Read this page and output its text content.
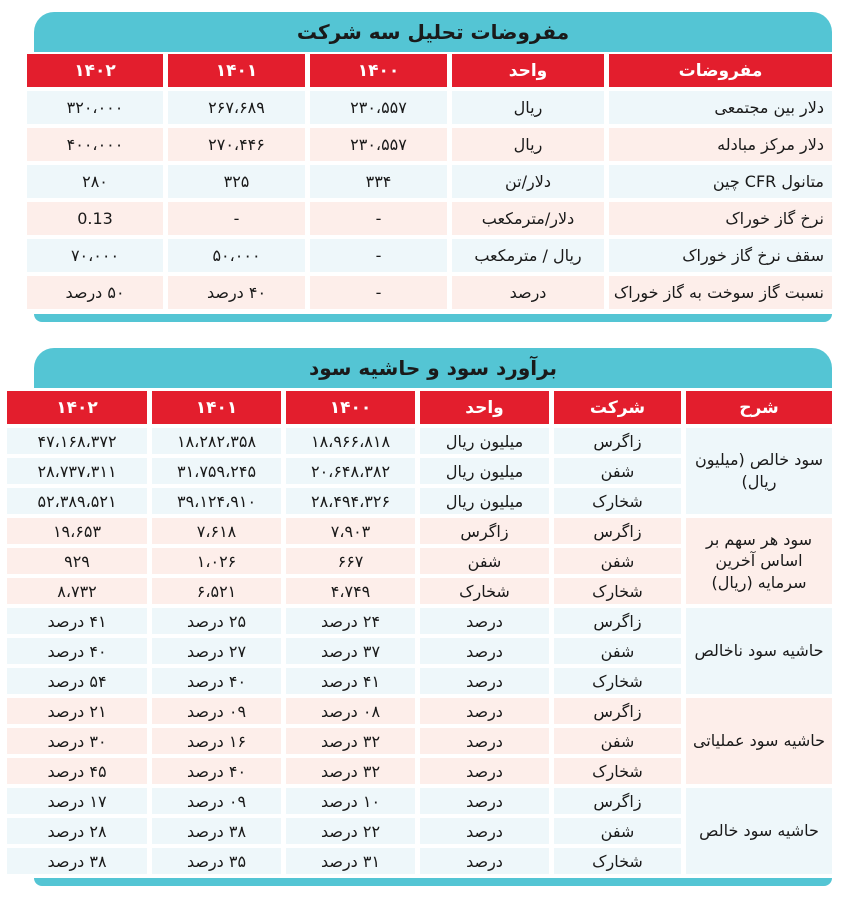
مفروضات تحلیل سه شرکت
مفروضات
واحد
۱۴۰۰
۱۴۰۱
۱۴۰۲
دلار بین مجتمعی
ریال
۲۳۰،۵۵۷
۲۶۷،۶۸۹
۳۲۰،۰۰۰
دلار مرکز مبادله
ریال
۲۳۰،۵۵۷
۲۷۰،۴۴۶
۴۰۰،۰۰۰
متانول CFR چین
دلار/تن
۳۳۴
۳۲۵
۲۸۰
نرخ گاز خوراک
دلار/مترمکعب
-
-
0.13
سقف نرخ گاز خوراک
ریال / مترمکعب
-
۵۰،۰۰۰
۷۰،۰۰۰
نسبت گاز سوخت به گاز خوراک
درصد
-
۴۰ درصد
۵۰ درصد
برآورد سود و حاشیه سود
شرح
شرکت
واحد
۱۴۰۰
۱۴۰۱
۱۴۰۲
سود خالص (میلیون ریال)
زاگرس
میلیون ریال
۱۸،۹۶۶،۸۱۸
۱۸،۲۸۲،۳۵۸
۴۷،۱۶۸،۳۷۲
شفن
میلیون ریال
۲۰،۶۴۸،۳۸۲
۳۱،۷۵۹،۲۴۵
۲۸،۷۳۷،۳۱۱
شخارک
میلیون ریال
۲۸،۴۹۴،۳۲۶
۳۹،۱۲۴،۹۱۰
۵۲،۳۸۹،۵۲۱
سود هر سهم بر اساس آخرین سرمایه (ریال)
زاگرس
زاگرس
۷،۹۰۳
۷،۶۱۸
۱۹،۶۵۳
شفن
شفن
۶۶۷
۱،۰۲۶
۹۲۹
شخارک
شخارک
۴،۷۴۹
۶،۵۲۱
۸،۷۳۲
حاشیه سود ناخالص
زاگرس
درصد
۲۴ درصد
۲۵ درصد
۴۱ درصد
شفن
درصد
۳۷ درصد
۲۷ درصد
۴۰ درصد
شخارک
درصد
۴۱ درصد
۴۰ درصد
۵۴ درصد
حاشیه سود عملیاتی
زاگرس
درصد
۰۸ درصد
۰۹ درصد
۲۱ درصد
شفن
درصد
۳۲ درصد
۱۶ درصد
۳۰ درصد
شخارک
درصد
۳۲ درصد
۴۰ درصد
۴۵ درصد
حاشیه سود خالص
زاگرس
درصد
۱۰ درصد
۰۹ درصد
۱۷ درصد
شفن
درصد
۲۲ درصد
۳۸ درصد
۲۸ درصد
شخارک
درصد
۳۱ درصد
۳۵ درصد
۳۸ درصد
